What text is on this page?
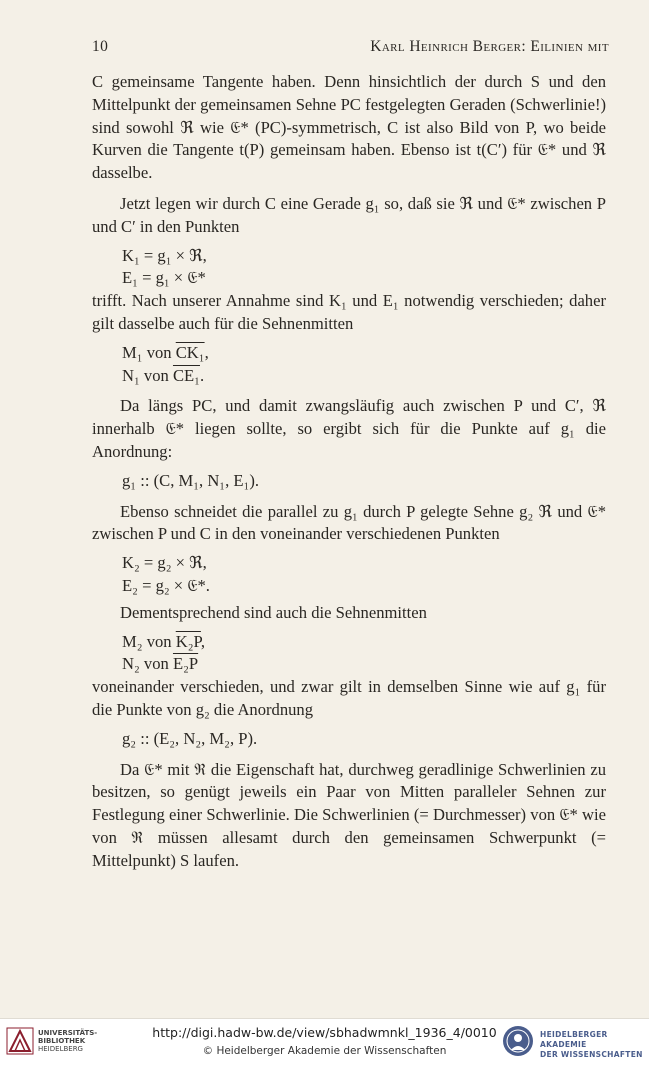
10	Karl Heinrich Berger: Eilinien mit

C gemeinsame Tangente haben. Denn hinsichtlich der durch S und den Mittelpunkt der gemeinsamen Sehne PC festgelegten Geraden (Schwerlinie!) sind sowohl ℜ wie 𝔈* (PC)-symmetrisch, C ist also Bild von P, wo beide Kurven die Tangente t(P) gemeinsam haben. Ebenso ist t(C′) für 𝔈* und ℜ dasselbe.

Jetzt legen wir durch C eine Gerade g₁ so, daß sie ℜ und 𝔈* zwischen P und C′ in den Punkten

K₁ = g₁ × ℜ,

E₁ = g₁ × 𝔈*

trifft. Nach unserer Annahme sind K₁ und E₁ notwendig verschieden; daher gilt dasselbe auch für die Sehnenmitten

M₁ von CK₁,

N₁ von CE₁.

Da längs PC, und damit zwangsläufig auch zwischen P und C′, ℜ innerhalb 𝔈* liegen sollte, so ergibt sich für die Punkte auf g₁ die Anordnung:

g₁ :: (C, M₁, N₁, E₁).

Ebenso schneidet die parallel zu g₁ durch P gelegte Sehne g₂ ℜ und 𝔈* zwischen P und C in den voneinander verschiedenen Punkten

K₂ = g₂ × ℜ,

E₂ = g₂ × 𝔈*.

Dementsprechend sind auch die Sehnenmitten

M₂ von K₂P,

N₂ von E₂P

voneinander verschieden, und zwar gilt in demselben Sinne wie auf g₁ für die Punkte von g₂ die Anordnung

g₂ :: (E₂, N₂, M₂, P).

Da 𝔈* mit ℜ die Eigenschaft hat, durchweg geradlinige Schwerlinien zu besitzen, so genügt jeweils ein Paar von Mitten paralleler Sehnen zur Festlegung einer Schwerlinie. Die Schwerlinien (= Durchmesser) von 𝔈* wie von ℜ müssen allesamt durch den gemeinsamen Schwerpunkt (= Mittelpunkt) S laufen.

UNIVERSITÄTS-
BIBLIOTHEK
HEIDELBERG
http://digi.hadw-bw.de/view/sbhadwmnkl_1936_4/0010
© Heidelberger Akademie der Wissenschaften
HEIDELBERGER AKADEMIE
DER WISSENSCHAFTEN
